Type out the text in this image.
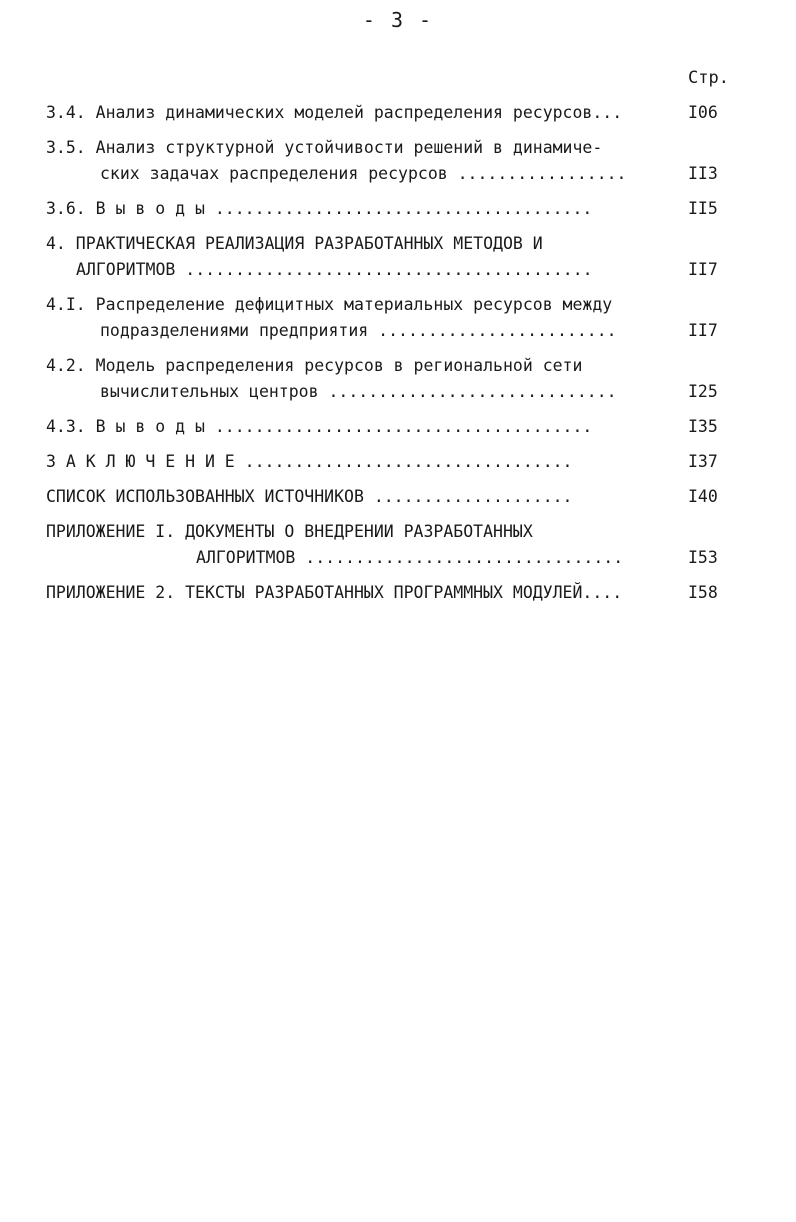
- 3 -
Стр.
3.4. Анализ динамических моделей распределения ресурсов...	I06
3.5. Анализ структурной устойчивости решений в динамиче-
ских задачах распределения ресурсов .................	II3
3.6. В ы в о д ы ......................................	II5
4. ПРАКТИЧЕСКАЯ РЕАЛИЗАЦИЯ РАЗРАБОТАННЫХ МЕТОДОВ И
АЛГОРИТМОВ .........................................	II7
4.I. Распределение дефицитных материальных ресурсов между
подразделениями предприятия ........................	II7
4.2. Модель распределения ресурсов в региональной сети
вычислительных центров .............................	I25
4.3. В ы в о д ы ......................................	I35
З А К Л Ю Ч Е Н И Е .................................	I37
СПИСОК ИСПОЛЬЗОВАННЫХ ИСТОЧНИКОВ ....................	I40
ПРИЛОЖЕНИЕ I. ДОКУМЕНТЫ О ВНЕДРЕНИИ РАЗРАБОТАННЫХ
АЛГОРИТМОВ ................................	I53
ПРИЛОЖЕНИЕ 2. ТЕКСТЫ РАЗРАБОТАННЫХ ПРОГРАММНЫХ МОДУЛЕЙ....	I58
